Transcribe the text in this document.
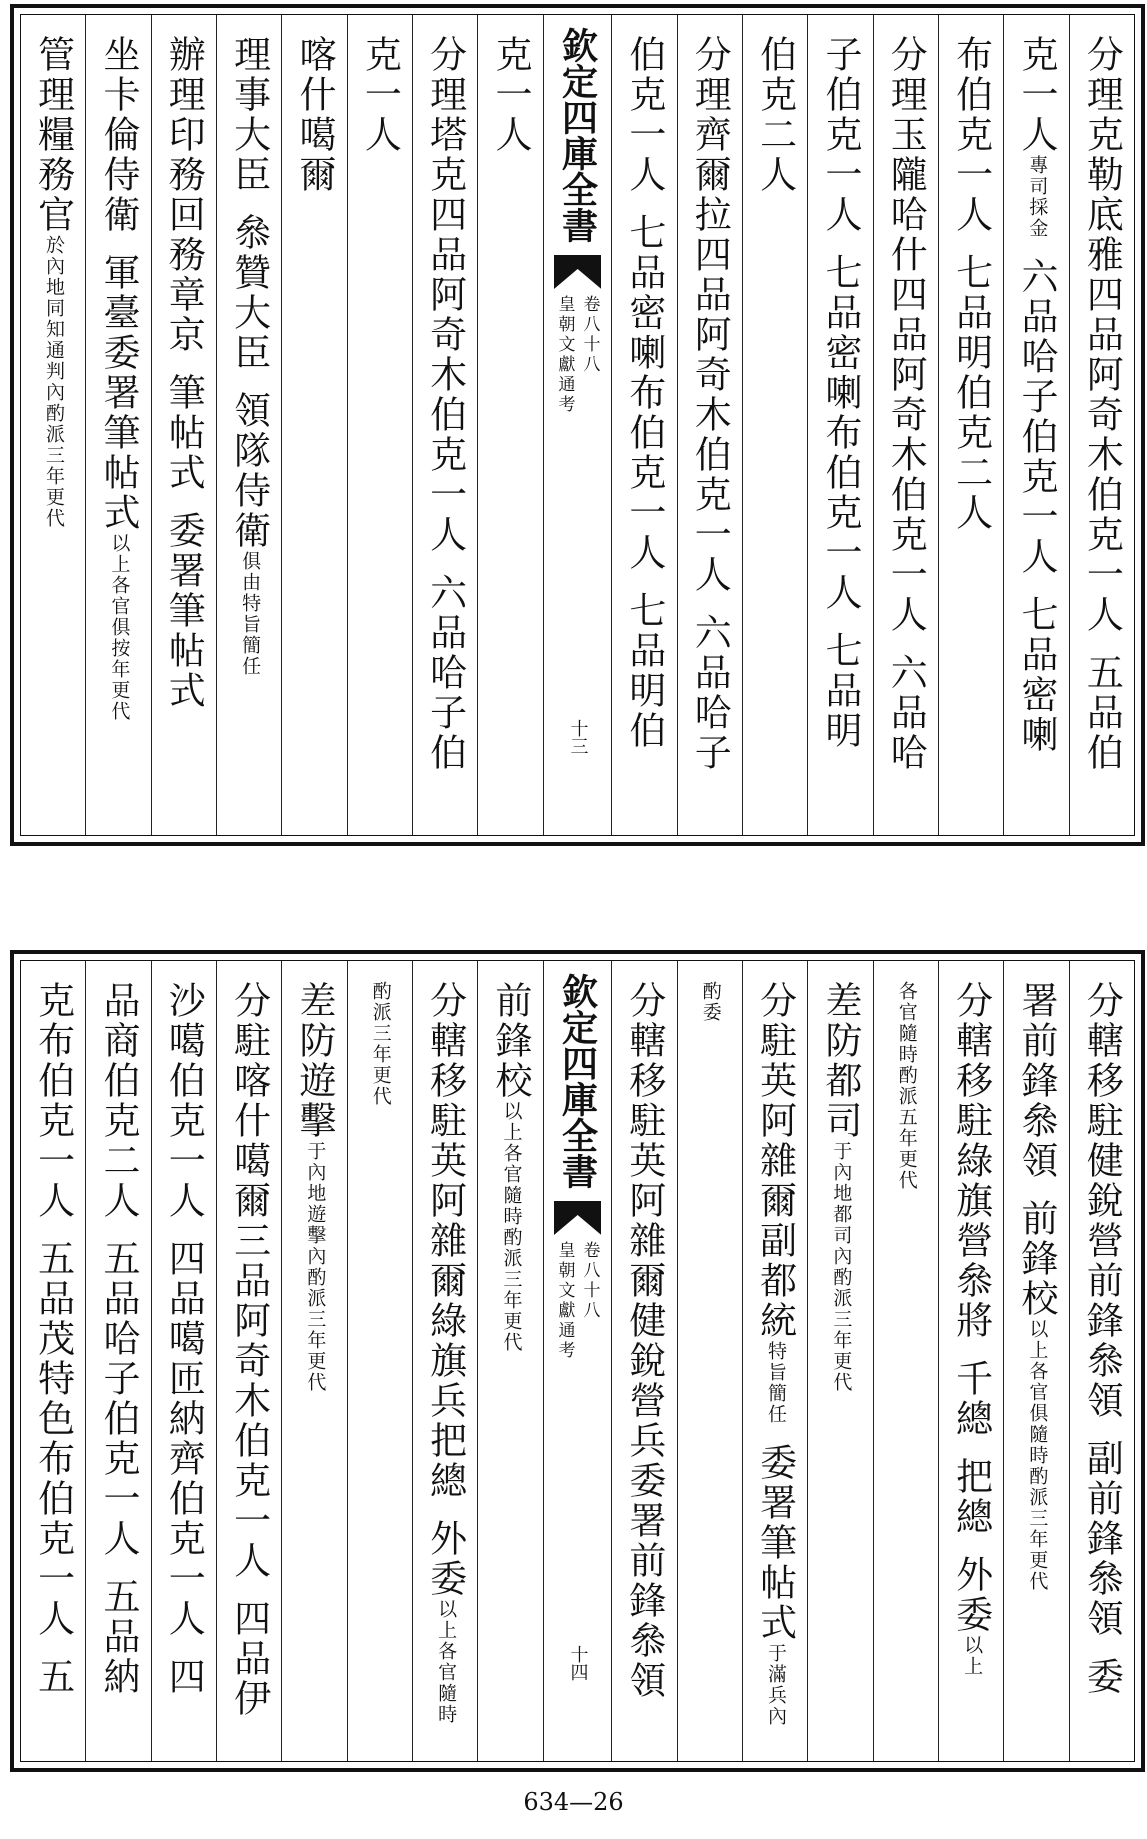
分理克勒底雅四品阿奇木伯克一人
五品伯
克一人
專司採金
六品哈子伯克一人
七品密喇
布伯克一人
七品明伯克二人
分理玉隴哈什四品阿奇木伯克一人
六品哈
子伯克一人
七品密喇布伯克一人
七品明
伯克二人
分理齊爾拉四品阿奇木伯克一人
六品哈子
伯克一人
七品密喇布伯克一人
七品明伯
欽定四庫全書
皇朝文獻通考 卷八十八
十三
克一人
分理塔克四品阿奇木伯克一人
六品哈子伯
克一人
喀什噶爾
理事大臣
叅贊大臣
領隊侍衛
俱由特旨簡任
辦理印務回務章京
筆帖式
委署筆帖式
坐卡倫侍衛
軍臺委署筆帖式
以上各官俱按年更代
管理糧務官
於內地同知通判內酌派三年更代
分轄移駐健銳營前鋒叅領
副前鋒叅領
委
署前鋒叅領
前鋒校
以上各官俱隨時酌派三年更代
分轄移駐綠旗營叅將
千總
把總
外委
以上
各官隨時酌派五年更代
差防都司
于內地都司內酌派三年更代
分駐英阿雜爾副都統
特旨簡任
委署筆帖式
于滿兵內
酌委
分轄移駐英阿雜爾健銳營兵委署前鋒叅領
欽定四庫全書
皇朝文獻通考 卷八十八
十四
前鋒校
以上各官隨時酌派三年更代
分轄移駐英阿雜爾綠旗兵把總
外委
以上各官隨時
酌派三年更代
差防遊擊
于內地遊擊內酌派三年更代
分駐喀什噶爾三品阿奇木伯克一人
四品伊
沙噶伯克一人
四品噶匝納齊伯克一人
四
品商伯克二人
五品哈子伯克一人
五品納
克布伯克一人
五品茂特色布伯克一人
五
634—26
